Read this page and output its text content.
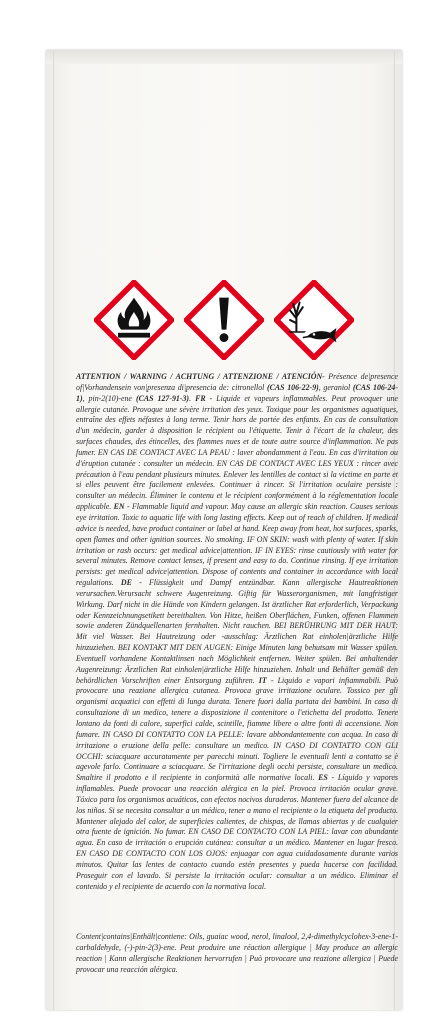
ATTENTION / WARNING / ACHTUNG / ATTENZIONE / ATENCIÓN- Présence de|presence of|Vorhandensein von|presenza di|presencia de: citronellol (CAS 106-22-9), geraniol (CAS 106-24-1), pin-2(10)-ene (CAS 127-91-3). FR - Liquide et vapeurs inflammables. Peut provoquer une allergie cutanée. Provoque une sévère irritation des yeux. Toxique pour les organismes aquatiques, entraîne des effets néfastes à long terme. Tenir hors de portée des enfants. En cas de consultation d'un médecin, garder à disposition le récipient ou l'étiquette. Tenir à l'écart de la chaleur, des surfaces chaudes, des étincelles, des flammes nues et de toute autre source d'inflammation. Ne pas fumer. EN CAS DE CONTACT AVEC LA PEAU : laver abondamment à l'eau. En cas d'irritation ou d'éruption cutanée : consulter un médecin. EN CAS DE CONTACT AVEC LES YEUX : rincer avec précaution à l'eau pendant plusieurs minutes. Enlever les lentilles de contact si la victime en porte et si elles peuvent être facilement enlevées. Continuer à rincer. Si l'irritation oculaire persiste : consulter un médecin. Éliminer le contenu et le récipient conformément à la réglementation locale applicable. EN - Flammable liquid and vapour. May cause an allergic skin reaction. Causes serious eye irritation. Toxic to aquatic life with long lasting effects. Keep out of reach of children. If medical advice is needed, have product container or label at hand. Keep away from heat, hot surfaces, sparks, open flames and other ignition sources. No smoking. IF ON SKIN: wash with plenty of water. If skin irritation or rash occurs: get medical advice|attention. IF IN EYES: rinse cautiously with water for several minutes. Remove contact lenses, if present and easy to do. Continue rinsing. If eye irritation persists: get medical advice|attention. Dispose of contents and container in accordance with local regulations. DE - Flüssigkeit und Dampf entzündbar. Kann allergische Hautreaktionen verursachen.Verursacht schwere Augenreizung. Giftig für Wasserorganismen, mit langfristiger Wirkung. Darf nicht in die Hände von Kindern gelangen. Ist ärztlicher Rat erforderlich, Verpackung oder Kennzeichnungsetikett bereithalten. Von Hitze, heißen Oberflächen, Funken, offenen Flammen sowie anderen Zündquellenarten fernhalten. Nicht rauchen. BEI BERÜHRUNG MIT DER HAUT: Mit viel Wasser. Bei Hautreizung oder -ausschlag: Ärztlichen Rat einholen|ärztliche Hilfe hinzuziehen. BEI KONTAKT MIT DEN AUGEN: Einige Minuten lang behutsam mit Wasser spülen. Eventuell vorhandene Kontaktlinsen nach Möglichkeit entfernen. Weiter spülen. Bei anhaltender Augenreizung: Ärztlichen Rat einholen|ärztliche Hilfe hinzuziehen. Inhalt und Behälter gemäß den behördlichen Vorschriften einer Entsorgung zuführen. IT - Liquido e vapori infiammabili. Può provocare una reazione allergica cutanea. Provoca grave irritazione oculare. Tossico per gli organismi acquatici con effetti di lunga durata. Tenere fuori dalla portata dei bambini. In caso di consultazione di un medico, tenere a disposizione il contenitore o l'etichetta del prodotto. Tenere lontano da fonti di calore, superfici calde, scintille, fiamme libere o altre fonti di accensione. Non fumare. IN CASO DI CONTATTO CON LA PELLE: lavare abbondantemente con acqua. In caso di irritazione o eruzione della pelle: consultare un medico. IN CASO DI CONTATTO CON GLI OCCHI: sciacquare accuratamente per parecchi minuti. Togliere le eventuali lenti a contatto se è agevole farlo. Continuare a sciacquare. Se l'irritazione degli occhi persiste, consultare un medico. Smaltire il prodotto e il recipiente in conformità alle normative locali. ES - Líquido y vapores inflamables. Puede provocar una reacción alérgica en la piel. Provoca irritación ocular grave. Tóxico para los organismos acuáticos, con efectos nocivos duraderos. Mantener fuera del alcance de los niños. Si se necesita consultar a un médico, tener a mano el recipiente o la etiqueta del producto. Mantener alejado del calor, de superficies calientes, de chispas, de llamas abiertas y de cualquier otra fuente de ignición. No fumar. EN CASO DE CONTACTO CON LA PIEL: lavar con abundante agua. En caso de irritación o erupción cutánea: consultar a un médico. Mantener en lugar fresco. EN CASO DE CONTACTO CON LOS OJOS: enjuagar con agua cuidadosamente durante varios minutos. Quitar las lentes de contacto cuando estén presentes y pueda hacerse con facilidad. Proseguir con el lavado. Si persiste la irritación ocular: consultar a un médico. Eliminar el contenido y el recipiente de acuerdo con la normativa local.

Content|contains|Enthält|contiene: Oils, guaiac wood, nerol, linalool, 2,4-dimethylcyclohex-3-ene-1-carbaldehyde, (-)-pin-2(3)-ene. Peut produire une réaction allergique | May produce an allergic reaction | Kann allergische Reaktionen hervorrufen | Può provocare una reazione allergica | Puede provocar una reacción alérgica.
